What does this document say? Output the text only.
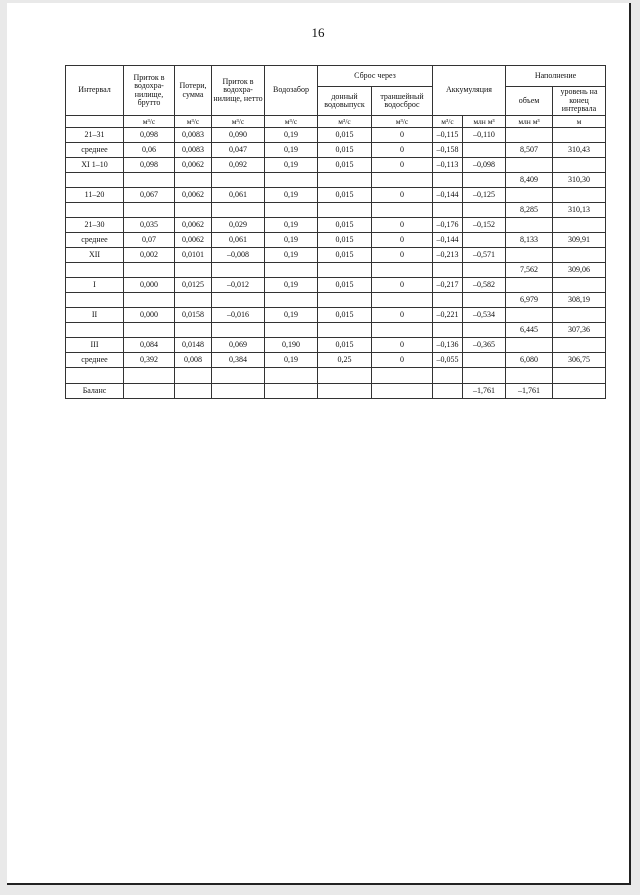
16
Интервал	Приток в водохра-нилище, брутто	Потери, сумма	Приток в водохра-нилище, нетто	Водозабор	Сброс через		Аккумуляция		Наполнение	
					донный водовыпуск	траншейный водосброс			объем	уровень на конец интервала
	м³/с	м³/с	м³/с	м³/с	м³/с	м³/с	м³/с	млн м³	млн м³	м
21–31	0,098	0,0083	0,090	0,19	0,015	0	–0,115	–0,110		
среднее	0,06	0,0083	0,047	0,19	0,015	0	–0,158		8,507	310,43
XI 1–10	0,098	0,0062	0,092	0,19	0,015	0	–0,113	–0,098		
									8,409	310,30
11–20	0,067	0,0062	0,061	0,19	0,015	0	–0,144	–0,125		
									8,285	310,13
21–30	0,035	0,0062	0,029	0,19	0,015	0	–0,176	–0,152		
среднее	0,07	0,0062	0,061	0,19	0,015	0	–0,144		8,133	309,91
XII	0,002	0,0101	–0,008	0,19	0,015	0	–0,213	–0,571		
									7,562	309,06
I	0,000	0,0125	–0,012	0,19	0,015	0	–0,217	–0,582		
									6,979	308,19
II	0,000	0,0158	–0,016	0,19	0,015	0	–0,221	–0,534		
									6,445	307,36
III	0,084	0,0148	0,069	0,190	0,015	0	–0,136	–0,365		
среднее	0,392	0,008	0,384	0,19	0,25	0	–0,055		6,080	306,75

Баланс								–1,761	–1,761	
